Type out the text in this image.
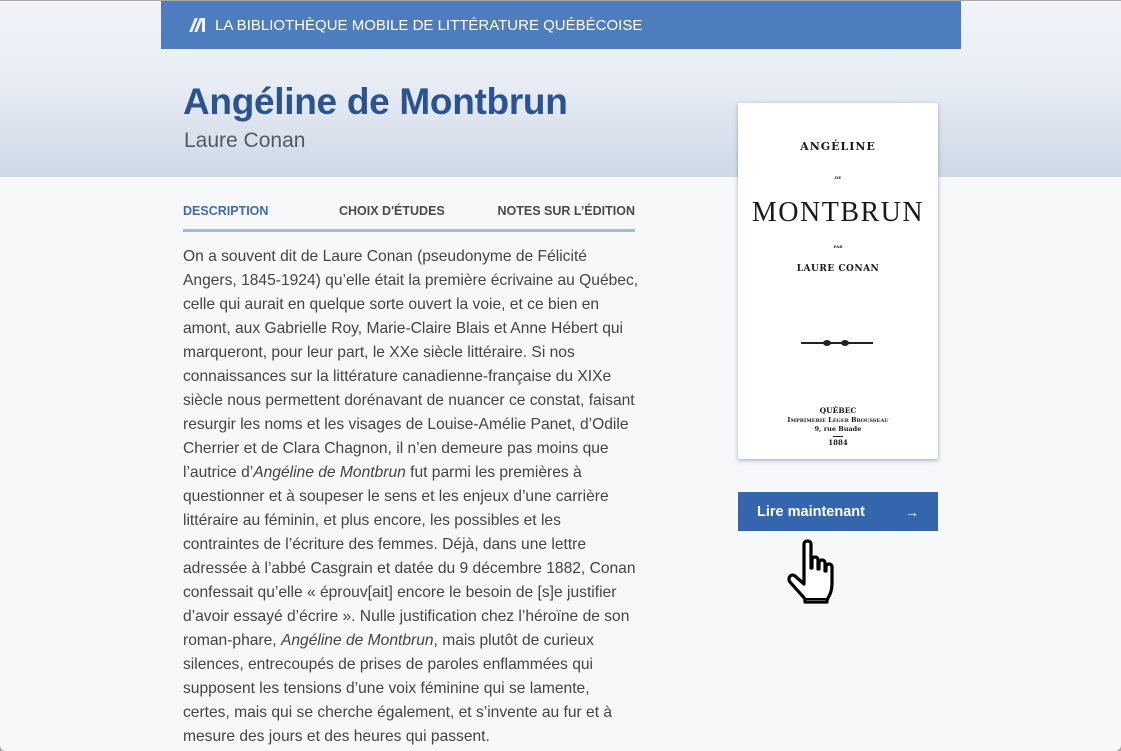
LA BIBLIOTHÈQUE MOBILE DE LITTÉRATURE QUÉBÉCOISE
Angéline de Montbrun
Laure Conan
DESCRIPTION	CHOIX D'ÉTUDES	NOTES SUR L’ÉDITION

On a souvent dit de Laure Conan (pseudonyme de Félicité Angers, 1845-1924) qu’elle était la première écrivaine au Québec, celle qui aurait en quelque sorte ouvert la voie, et ce bien en amont, aux Gabrielle Roy, Marie-Claire Blais et Anne Hébert qui marqueront, pour leur part, le XXe siècle littéraire. Si nos connaissances sur la littérature canadienne-française du XIXe siècle nous permettent dorénavant de nuancer ce constat, faisant resurgir les noms et les visages de Louise-Amélie Panet, d’Odile Cherrier et de Clara Chagnon, il n’en demeure pas moins que l’autrice d’Angéline de Montbrun fut parmi les premières à questionner et à soupeser le sens et les enjeux d’une carrière littéraire au féminin, et plus encore, les possibles et les contraintes de l’écriture des femmes. Déjà, dans une lettre adressée à l’abbé Casgrain et datée du 9 décembre 1882, Conan confessait qu’elle « éprouv[ait] encore le besoin de [s]e justifier d’avoir essayé d’écrire ». Nulle justification chez l’héroïne de son roman-phare, Angéline de Montbrun, mais plutôt de curieux silences, entrecoupés de prises de paroles enflammées qui supposent les tensions d’une voix féminine qui se lamente, certes, mais qui se cherche également, et s’invente au fur et à mesure des jours et des heures qui passent.

ANGÉLINE
DE
MONTBRUN
PAR
LAURE CONAN
QUÉBEC
Imprimerie Léger Brousseau
9, rue Buade
1884
Lire maintenant	→
